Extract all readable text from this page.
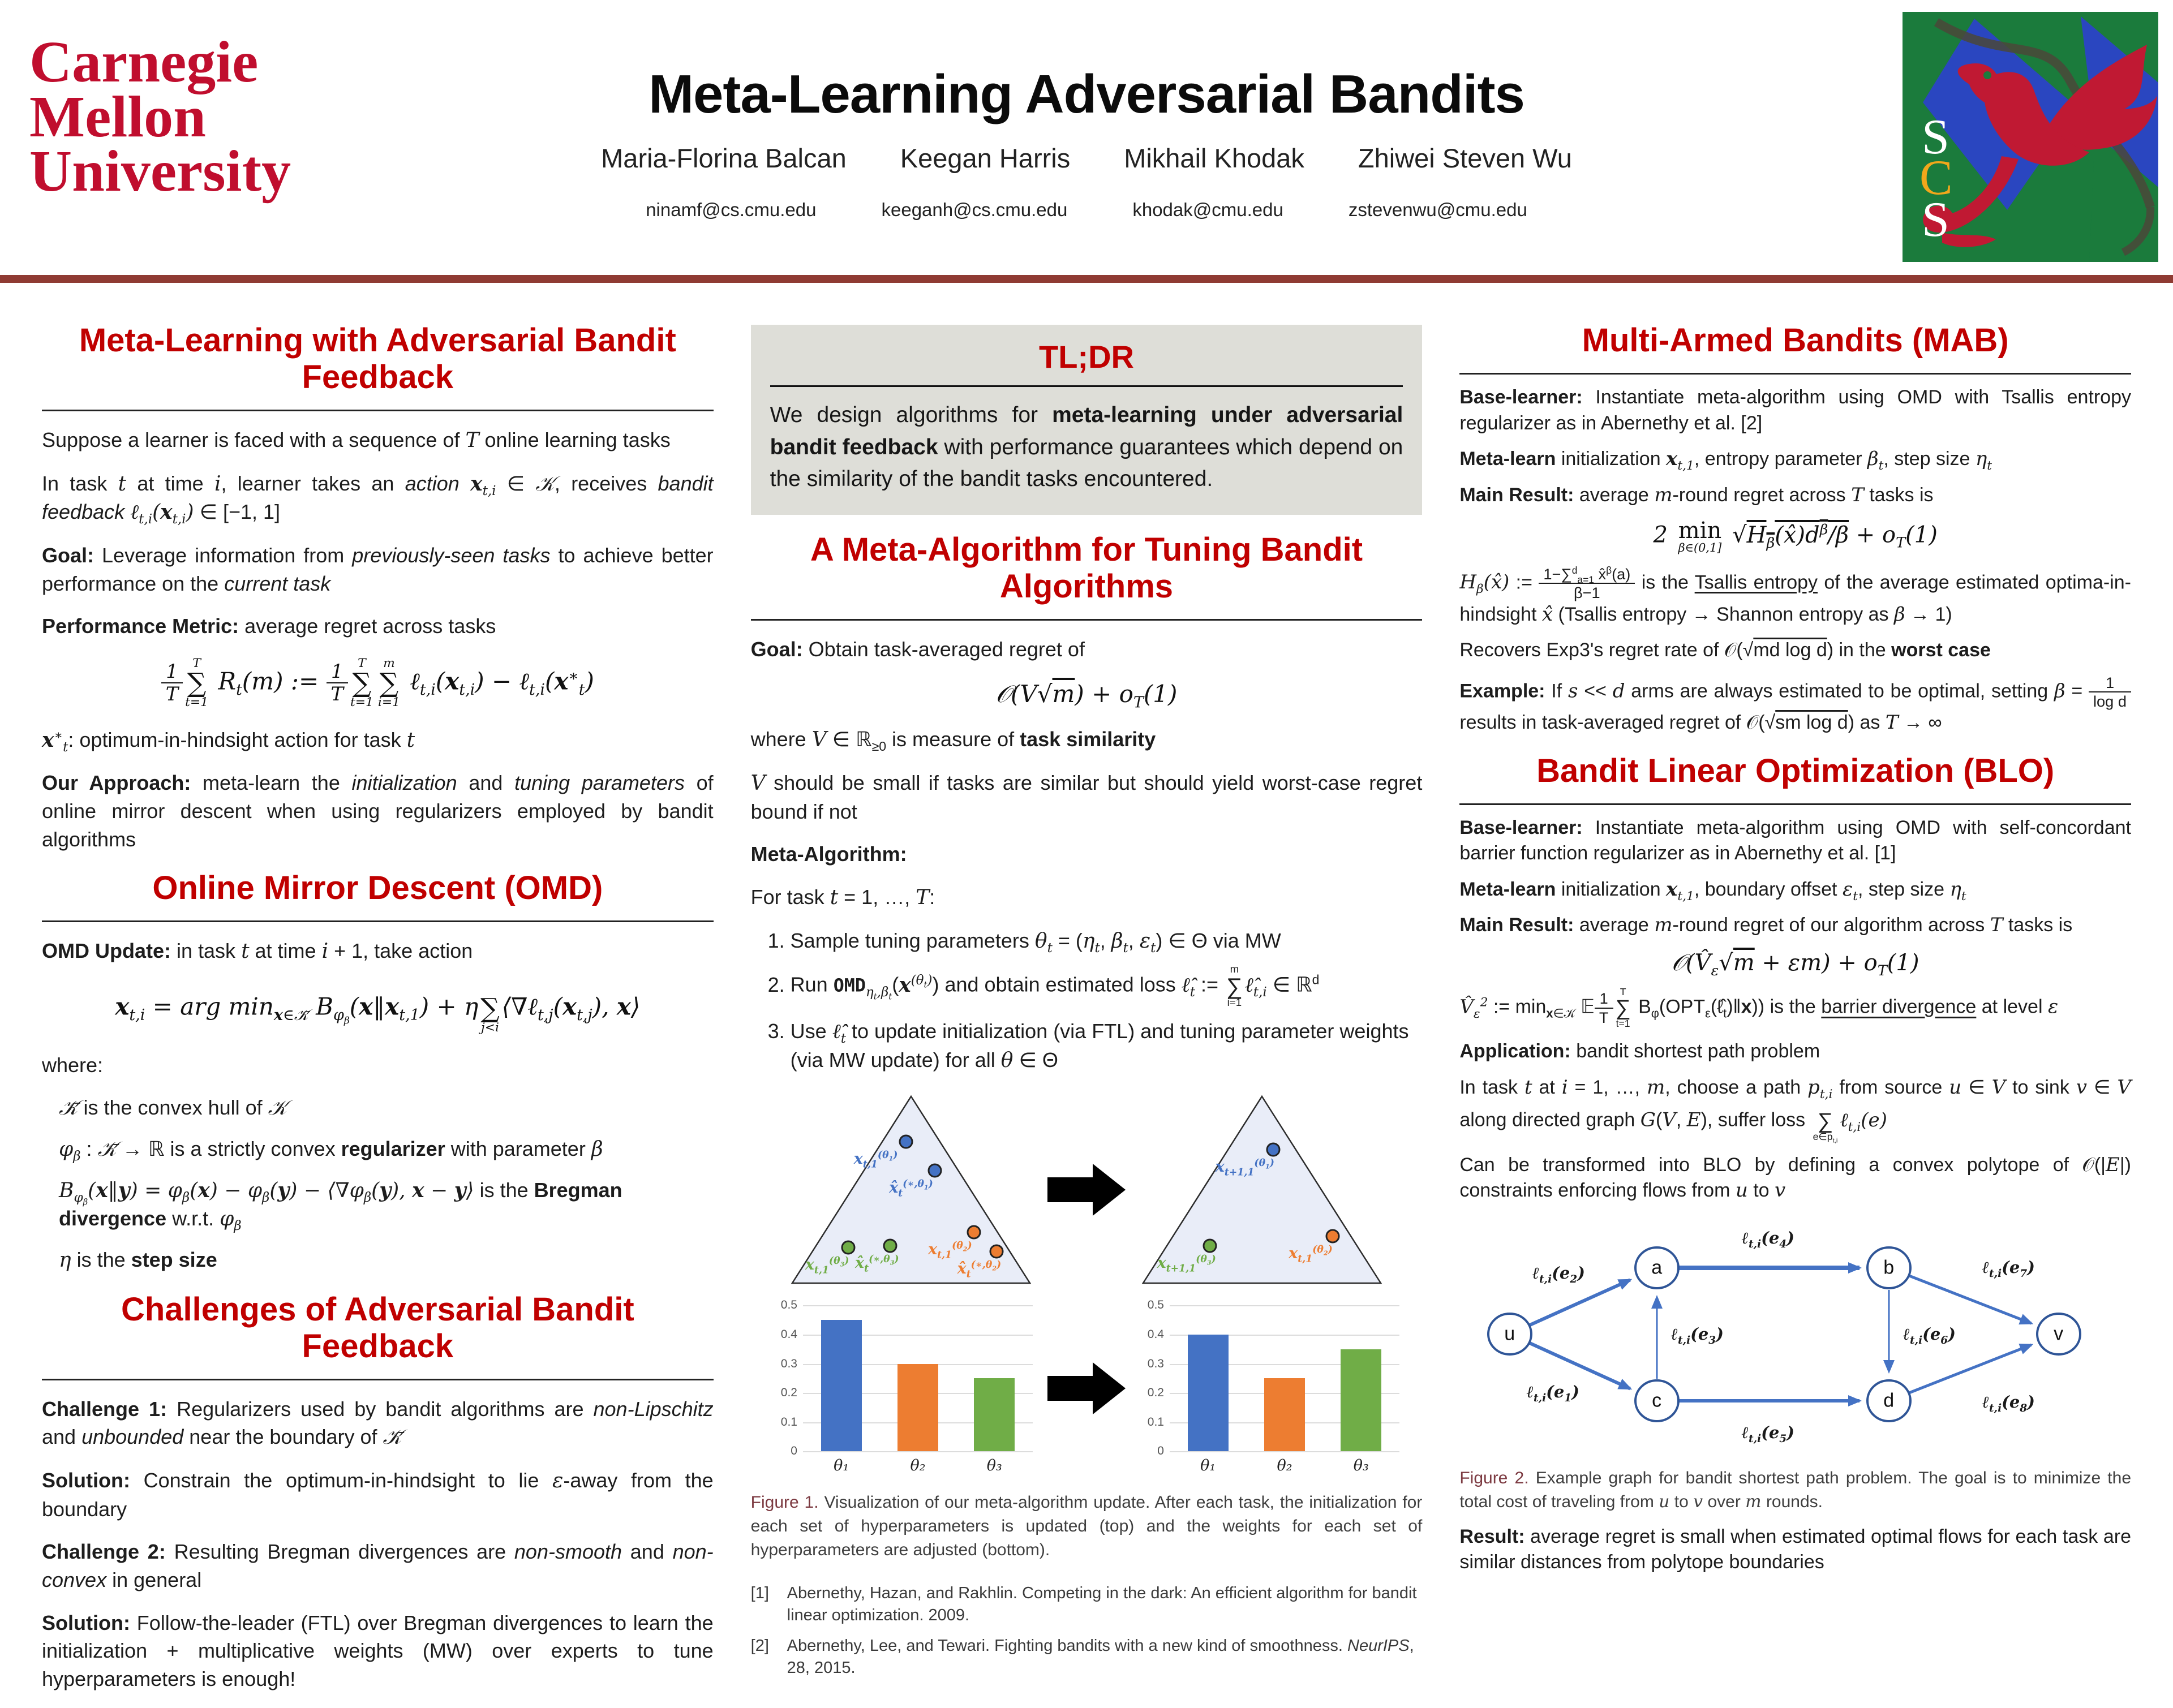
Carnegie
Mellon
University
Meta-Learning Adversarial Bandits
Maria-Florina Balcan Keegan Harris Mikhail Khodak Zhiwei Steven Wu
ninamf@cs.cmu.edu	keeganh@cs.cmu.edu	khodak@cmu.edu	zstevenwu@cmu.edu
S
C
S
Meta-Learning with Adversarial Bandit Feedback

Suppose a learner is faced with a sequence of T online learning tasks

In task t at time i, learner takes an action $x_{t,i}$ ∈ 𝒦, receives bandit feedback $\ell_{t,i}(x_{t,i})$ ∈ [−1, 1]

Goal: Leverage information from previously-seen tasks to achieve better performance on the current task

Performance Metric: average regret across tasks

$\frac{1}{T}$ T
∑
t=1
$R_t(m)$ := $\frac{1}{T}$ T
∑
t=1
m
∑
i=1
$\ell_{t,i}(x_{t,i})$ − $\ell_{t,i}(x^∗_t)$

$x^∗_t$: optimum-in-hindsight action for task t

Our Approach: meta-learn the initialization and tuning parameters of online mirror descent when using regularizers employed by bandit algorithms

Online Mirror Descent (OMD)

OMD Update: in task t at time i + 1, take action

$x_{t,i}$ = arg $\min_{x\in 𝒦̄}$ $B_{\varphi_\beta}(x‖x_{t,1}) + \eta$
∑
j<i
$⟨\nabla\ell_{t,j}(x_{t,j})$, x⟩

where:

𝒦̄ is the convex hull of 𝒦
$\varphi_\beta$ : 𝒦̄ → ℝ is a strictly convex regularizer with parameter β
$B_{\varphi_\beta}(x‖y) = \varphi_\beta(x) - \varphi_\beta(y)$ − $⟨\nabla\varphi_\beta(y)$, x − y⟩ is the Bregman divergence w.r.t. $\varphi_\beta$
η is the step size
Challenges of Adversarial Bandit Feedback

Challenge 1: Regularizers used by bandit algorithms are non-Lipschitz and unbounded near the boundary of 𝒦̄

Solution: Constrain the optimum-in-hindsight to lie ε-away from the boundary

Challenge 2: Resulting Bregman divergences are non-smooth and non-convex in general

Solution: Follow-the-leader (FTL) over Bregman divergences to learn the initialization + multiplicative weights (MW) over experts to tune hyperparameters is enough!

TL;DR
We design algorithms for meta-learning under adversarial bandit feedback with performance guarantees which depend on the similarity of the bandit tasks encountered.
A Meta-Algorithm for Tuning Bandit Algorithms

Goal: Obtain task-averaged regret of

𝒪(V√m) + $o_T(1)$

where V ∈ ℝ$_{\ge 0}$ is measure of task similarity

V should be small if tasks are similar but should yield worst-case regret bound if not

Meta-Algorithm:

For task t = 1, …, T:

1. Sample tuning parameters $\theta_t = (\eta_t$, $\beta_t$, $\varepsilon_t$) ∈ Θ via MW
2. Run $OMD_{\eta_t,\beta_t}(x^{(\theta_t)})$ and obtain estimated loss $\ell̂_t$ :=
m
∑
i=1
$\ell̂_{t,i}$ ∈ ℝ$^d$
3. Use $\ell̂_t$ to update initialization (via FTL) and tuning parameter weights (via MW update) for all θ ∈ Θ
$x_{t,1}^{(\theta_1)}$
$x̂_t^{(∗,\theta_1)}$
$x_{t,1}^{(\theta_2)}$
$x̂_t^{(∗,\theta_2)}$
$x_{t,1}^{(\theta_3)}$ $x̂_t^{(∗,\theta_3)}$
$x_{t+1,1}^{(\theta_1)}$
$x_{t,1}^{(\theta_2)}$
$x_{t+1,1}^{(\theta_3)}$
0
0.1
0.2
0.3
0.4
0.5
θ₁	θ₂	θ₃
0
0.1
0.2
0.3
0.4
0.5
θ₁	θ₂	θ₃
Figure 1. Visualization of our meta-algorithm update. After each task, the initialization for each set of hyperparameters is updated (top) and the weights for each set of hyperparameters are adjusted (bottom).
[1]	Abernethy, Hazan, and Rakhlin. Competing in the dark: An efficient algorithm for bandit linear optimization. 2009.
[2]	Abernethy, Lee, and Tewari. Fighting bandits with a new kind of smoothness. NeurIPS, 28, 2015.
Multi-Armed Bandits (MAB)

Base-learner: Instantiate meta-algorithm using OMD with Tsallis entropy regularizer as in Abernethy et al. [2]

Meta-learn initialization $x_{t,1}$, entropy parameter $\beta_t$, step size $\eta_t$

Main Result: average m-round regret across T tasks is

2 min
β∈(0,1] $√H_\beta(x̂)d^\beta/\beta + o_T(1)$

$H_\beta(x̂)$ := $\frac{1-\sum^d_{a=1} x̂^\beta(a)}{\beta-1}$ is the Tsallis entropy of the average estimated optima-in-hindsight x̂ (Tsallis entropy → Shannon entropy as β → 1)

Recovers Exp3's regret rate of 𝒪(√md log d) in the worst case

Example: If s << d arms are always estimated to be optimal, setting $\beta = \frac{1}{\text{log d}}$
results in task-averaged regret of 𝒪(√sm log d) as T → ∞

Bandit Linear Optimization (BLO)

Base-learner: Instantiate meta-algorithm using OMD with self-concordant barrier function regularizer as in Abernethy et al. [1]

Meta-learn initialization $x_{t,1}$, boundary offset $\varepsilon_t$, step size $\eta_t$

Main Result: average m-round regret of our algorithm across T tasks is

$𝒪(V̂_\varepsilon√m + \varepsilon m) + o_T(1)$

$V̂_\varepsilon^2$ := $\min_{x\in 𝒦}$ 𝔼 $\frac{1}{T}$ T
∑
t=1
$B_\varphi(OPT_\varepsilon(\ell̂_t)‖x)$) is the barrier divergence at level ε

Application: bandit shortest path problem

In task t at i = 1, …, m, choose a path $p_{t,i}$ from source u ∈ V to sink v ∈ V along directed graph G(V, E), suffer loss
∑
$e\in p_{t,i}$
ℓ$_{t,i}$(e)

Can be transformed into BLO by defining a convex polytope of 𝒪(|E|) constraints enforcing flows from u to v

u
a	b
c	d
v
$\ell_{t,i}(e_2)$
$\ell_{t,i}(e_1)$
$\ell_{t,i}(e_3)$
$\ell_{t,i}(e_4)$
$\ell_{t,i}(e_5)$
$\ell_{t,i}(e_6)$
$\ell_{t,i}(e_7)$
$\ell_{t,i}(e_8)$
Figure 2. Example graph for bandit shortest path problem. The goal is to minimize the total cost of traveling from u to v over m rounds.

Result: average regret is small when estimated optimal flows for each task are similar distances from polytope boundaries
